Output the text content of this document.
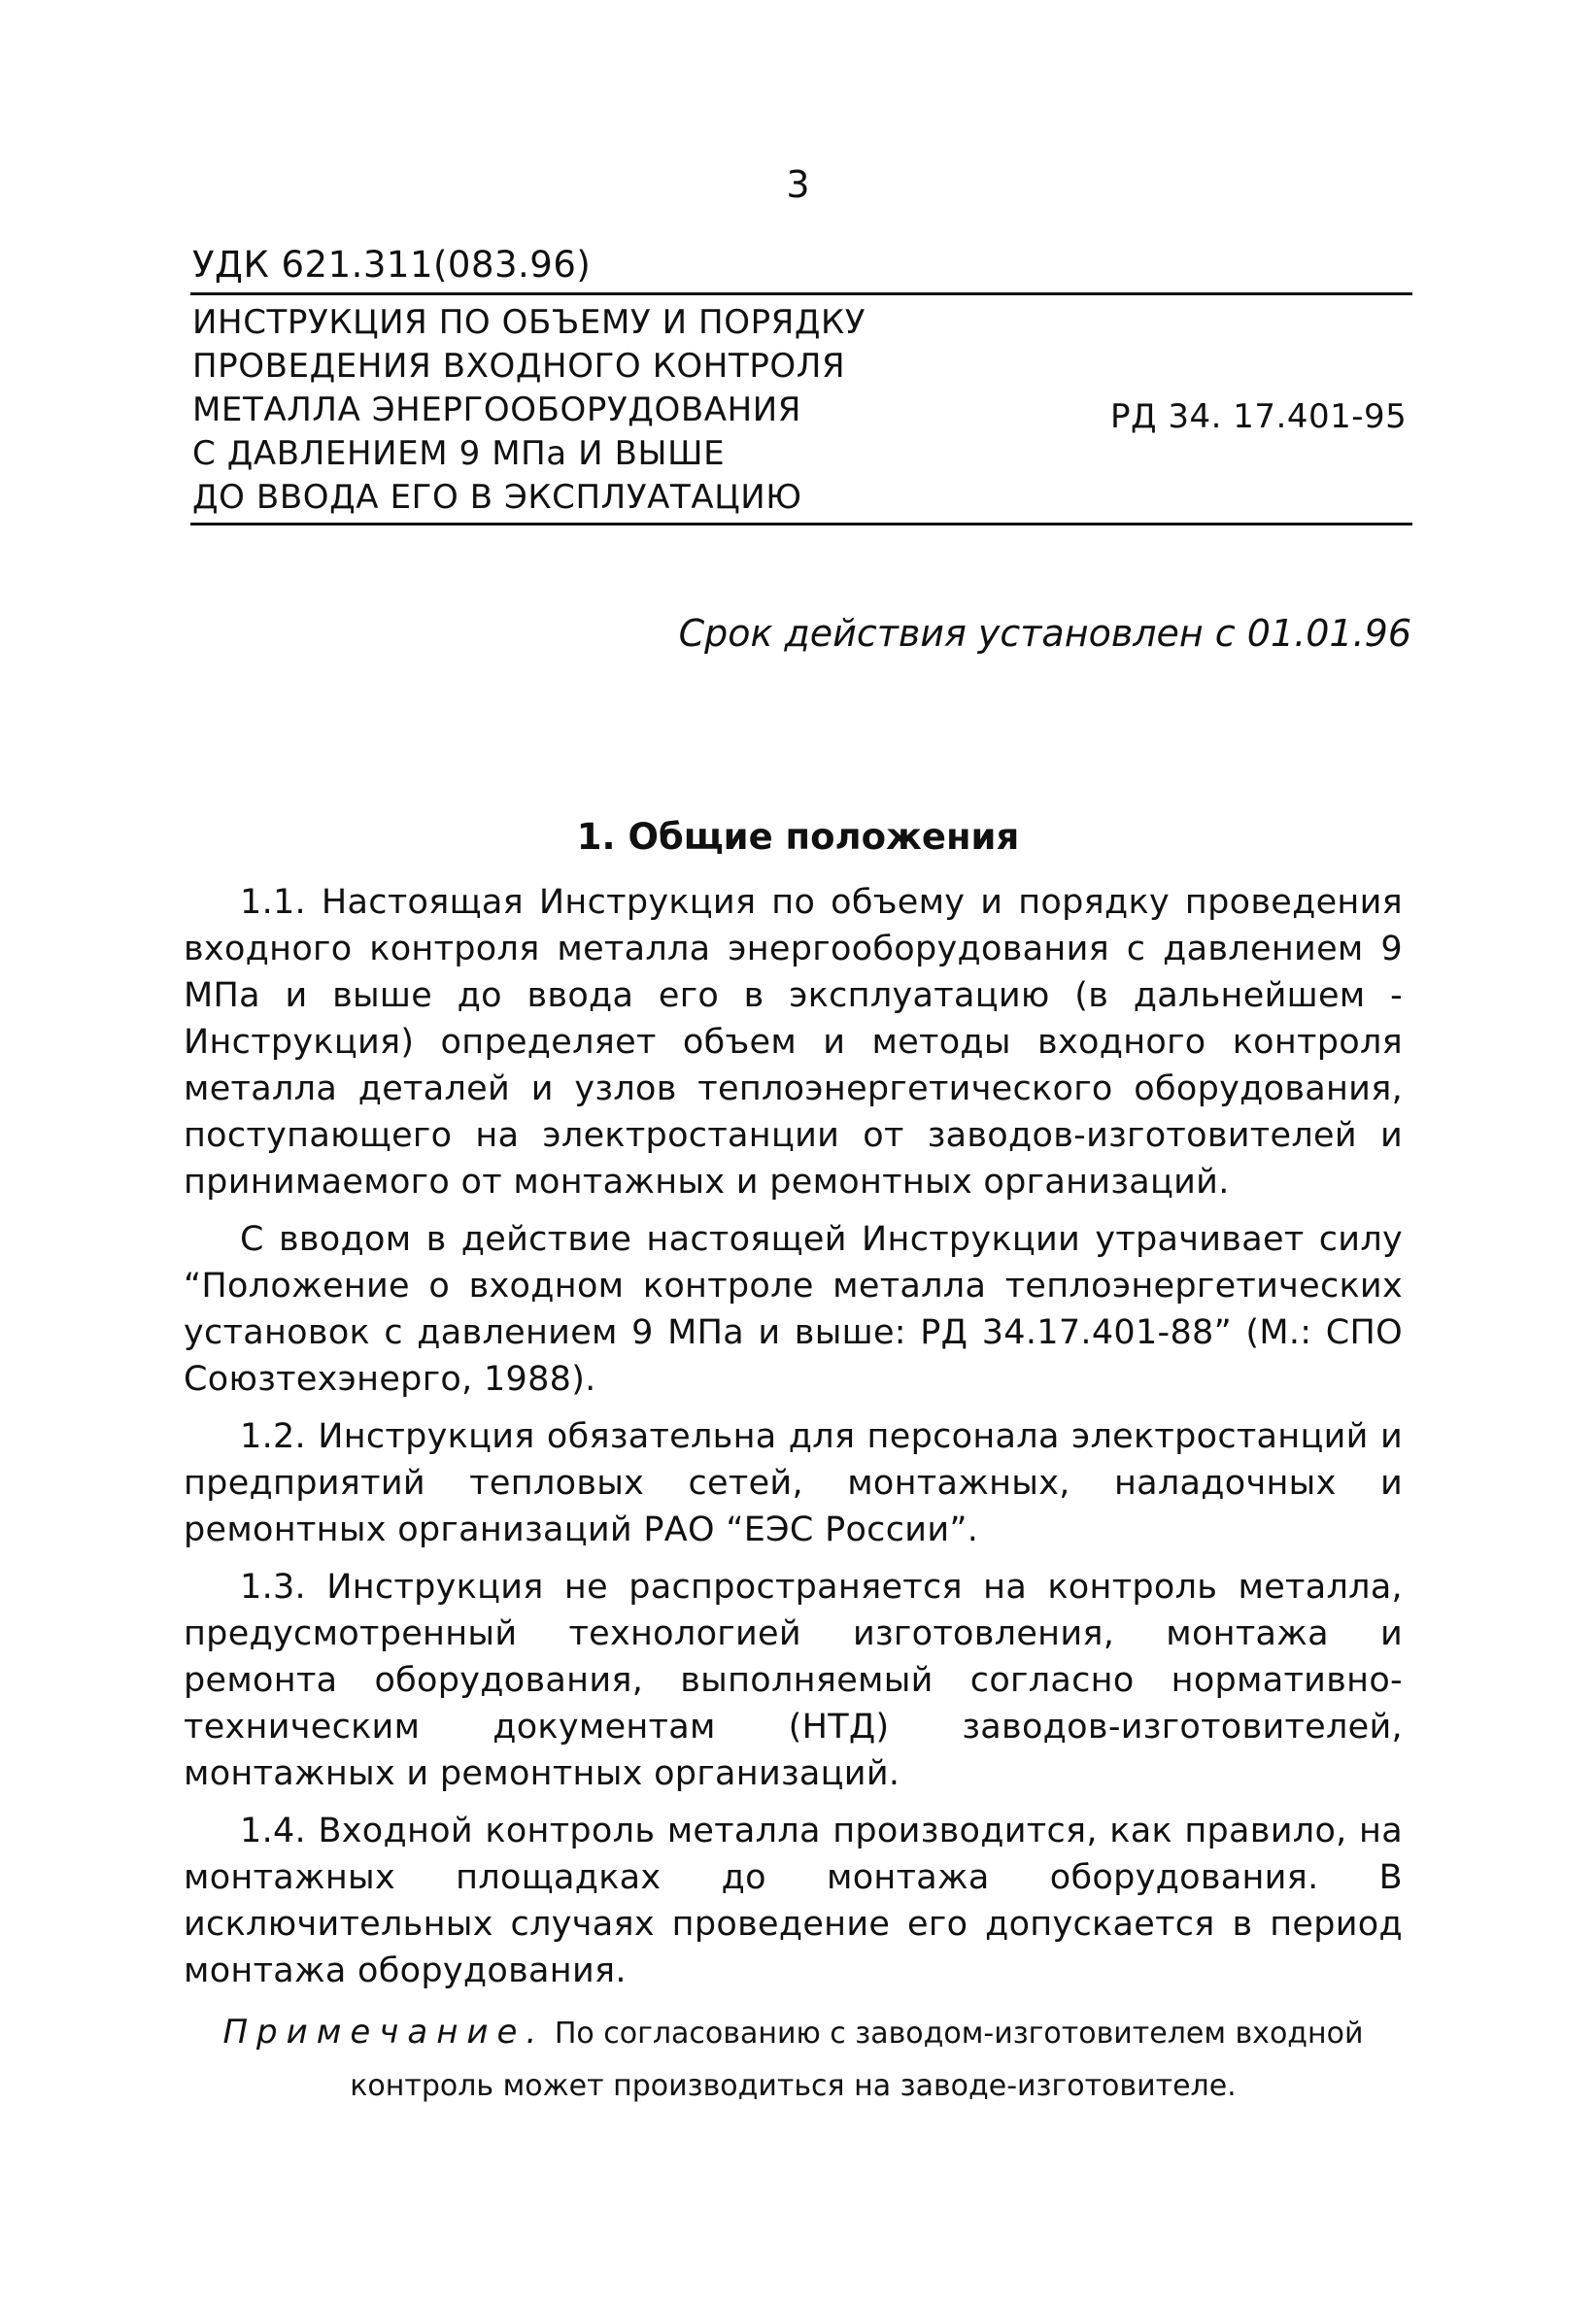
3
УДК 621.311(083.96)
ИНСТРУКЦИЯ ПО ОБЪЕМУ И ПОРЯДКУ
ПРОВЕДЕНИЯ ВХОДНОГО КОНТРОЛЯ
МЕТАЛЛА ЭНЕРГООБОРУДОВАНИЯ
С ДАВЛЕНИЕМ 9 МПа И ВЫШЕ
ДО ВВОДА ЕГО В ЭКСПЛУАТАЦИЮ
РД 34. 17.401-95
Срок действия установлен с 01.01.96
1. Общие положения

1.1. Настоящая Инструкция по объему и порядку проведения входного контроля металла энергооборудования с давлением 9 МПа и выше до ввода его в эксплуатацию (в дальнейшем - Инструкция) определяет объем и методы входного контроля металла деталей и узлов теплоэнергетического оборудования, поступающего на электростанции от заводов-изготовителей и принимаемого от монтажных и ремонтных организаций.

С вводом в действие настоящей Инструкции утрачивает силу “Положение о входном контроле металла теплоэнергетических установок с давлением 9 МПа и выше: РД 34.17.401-88” (М.: СПО Союзтехэнерго, 1988).

1.2. Инструкция обязательна для персонала электростанций и предприятий тепловых сетей, монтажных, наладочных и ремонтных организаций РАО “ЕЭС России”.

1.3. Инструкция не распространяется на контроль металла, предусмотренный технологией изготовления, монтажа и ремонта оборудования, выполняемый согласно нормативно-техническим документам (НТД) заводов-изготовителей, монтажных и ремонтных организаций.

1.4. Входной контроль металла производится, как правило, на монтажных площадках до монтажа оборудования. В исключительных случаях проведение его допускается в период монтажа оборудования.

Примечание. По согласованию с заводом-изготовителем входной контроль может производиться на заводе-изготовителе.
